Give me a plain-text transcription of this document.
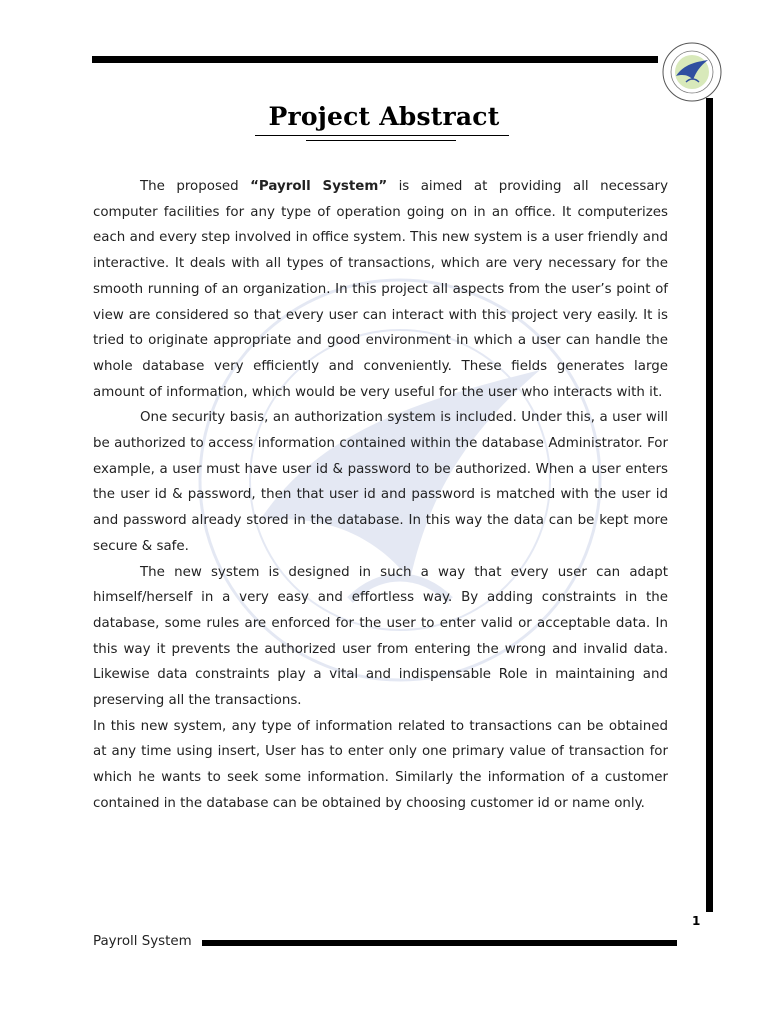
Project Abstract

The proposed “Payroll System” is aimed at providing all necessary computer facilities for any type of operation going on in an office. It computerizes each and every step involved in office system. This new system is a user friendly and interactive. It deals with all types of transactions, which are very necessary for the smooth running of an organization. In this project all aspects from the user’s point of view are considered so that every user can interact with this project very easily. It is tried to originate appropriate and good environment in which a user can handle the whole database very efficiently and conveniently. These fields generates large amount of information, which would be very useful for the user who interacts with it.

One security basis, an authorization system is included. Under this, a user will be authorized to access information contained within the database Administrator. For example, a user must have user id & password to be authorized. When a user enters the user id & password, then that user id and password is matched with the user id and password already stored in the database. In this way the data can be kept more secure & safe.

The new system is designed in such a way that every user can adapt himself/herself in a very easy and effortless way. By adding constraints in the database, some rules are enforced for the user to enter valid or acceptable data. In this way it prevents the authorized user from entering the wrong and invalid data. Likewise data constraints play a vital and indispensable Role in maintaining and preserving all the transactions.

In this new system, any type of information related to transactions can be obtained at any time using insert, User has to enter only one primary value of transaction for which he wants to seek some information. Similarly the information of a customer contained in the database can be obtained by choosing customer id or name only.

1
Payroll System
